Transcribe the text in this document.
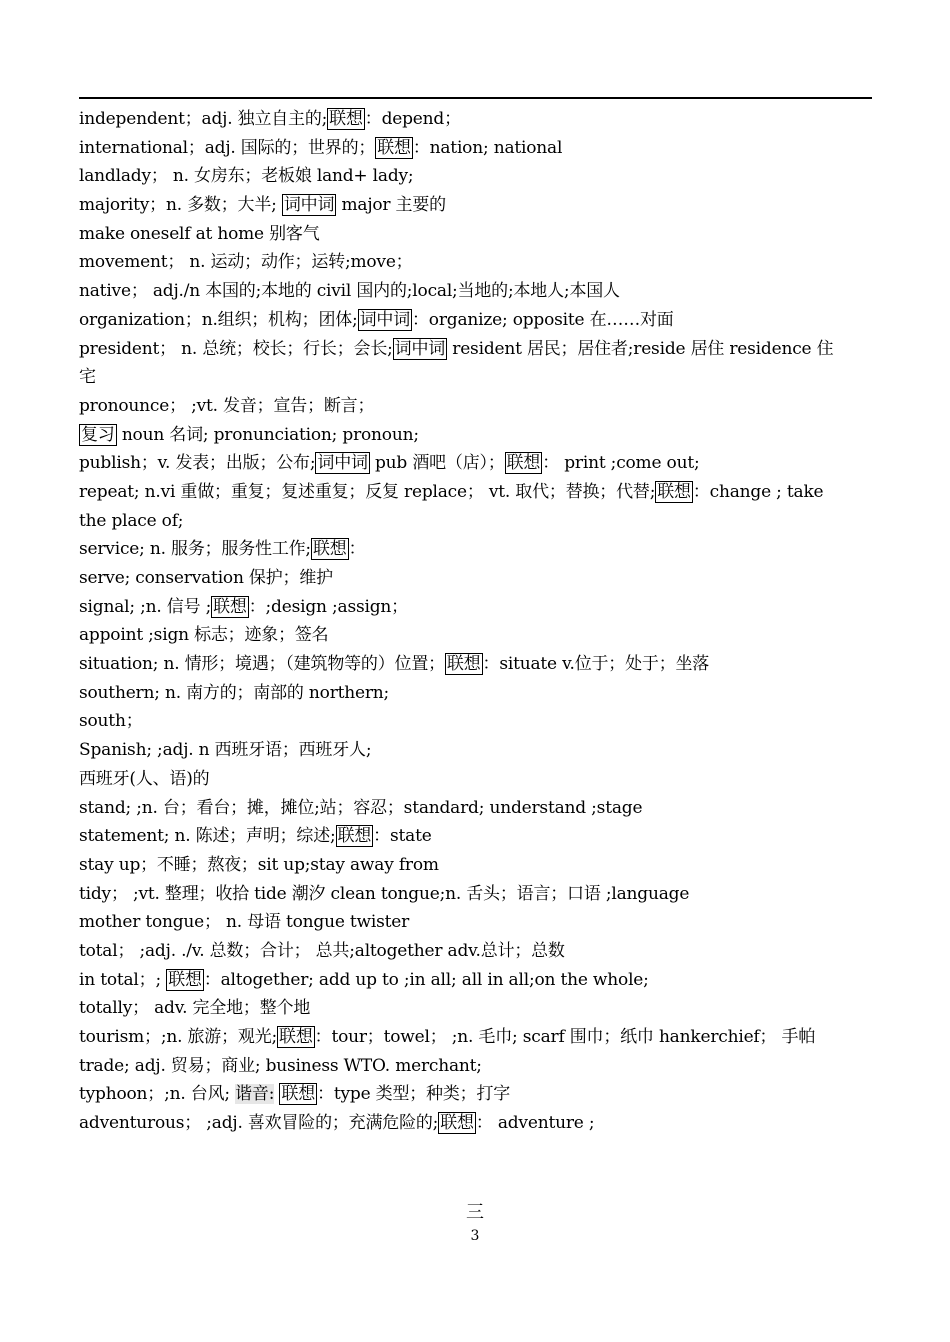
independent；adj. 独立自主的; 联想 ：depend；
international；adj. 国际的；世界的； 联想 ：nation; national
landlady； n. 女房东；老板娘 land+ lady;
majority；n. 多数；大半; 词中词 major 主要的
make oneself at home 别客气
movement； n. 运动；动作；运转;move；
native； adj./n 本国的;本地的 civil 国内的;local;当地的;本地人;本国人
organization；n.组织；机构；团体; 词中词 ：organize; opposite 在……对面
president； n. 总统；校长；行长；会长; 词中词 resident 居民；居住者;reside 居住 residence 住
宅
pronounce； ;vt. 发音；宣告；断言；
复习 noun 名词; pronunciation; pronoun;
publish；v. 发表；出版；公布; 词中词 pub 酒吧（店）； 联想 ： print ;come out;
repeat; n.vi 重做；重复；复述重复；反复 replace； vt. 取代；替换；代替; 联想 ：change ; take
the place of;
service; n. 服务；服务性工作; 联想 ：
serve; conservation 保护；维护
signal; ;n. 信号 ; 联想 ：;design ;assign；
appoint ;sign 标志；迹象；签名
situation; n. 情形；境遇；（建筑物等的）位置； 联想 ：situate v.位于；处于；坐落
southern; n. 南方的；南部的 northern;
south；
Spanish; ;adj. n 西班牙语；西班牙人;
西班牙(人、语)的
stand; ;n. 台；看台；摊，摊位;站；容忍；standard; understand ;stage
statement; n. 陈述；声明；综述; 联想 ：state
stay up；不睡；熬夜；sit up;stay away from
tidy； ;vt. 整理；收拾 tide 潮汐 clean tongue;n. 舌头；语言；口语 ;language
mother tongue； n. 母语 tongue twister
total； ;adj. ./v. 总数；合计； 总共;altogether adv.总计；总数
in total；; 联想 ：altogether; add up to ;in all; all in all;on the whole;
totally； adv. 完全地；整个地
tourism；;n. 旅游；观光; 联想 ：tour；towel； ;n. 毛巾; scarf 围巾；纸巾 hankerchief； 手帕
trade; adj. 贸易；商业; business WTO. merchant;
typhoon；;n. 台风; 谐音: 联想 ：type 类型；种类；打字
adventurous； ;adj. 喜欢冒险的；充满危险的; 联想 ： adventure ;
三
3
